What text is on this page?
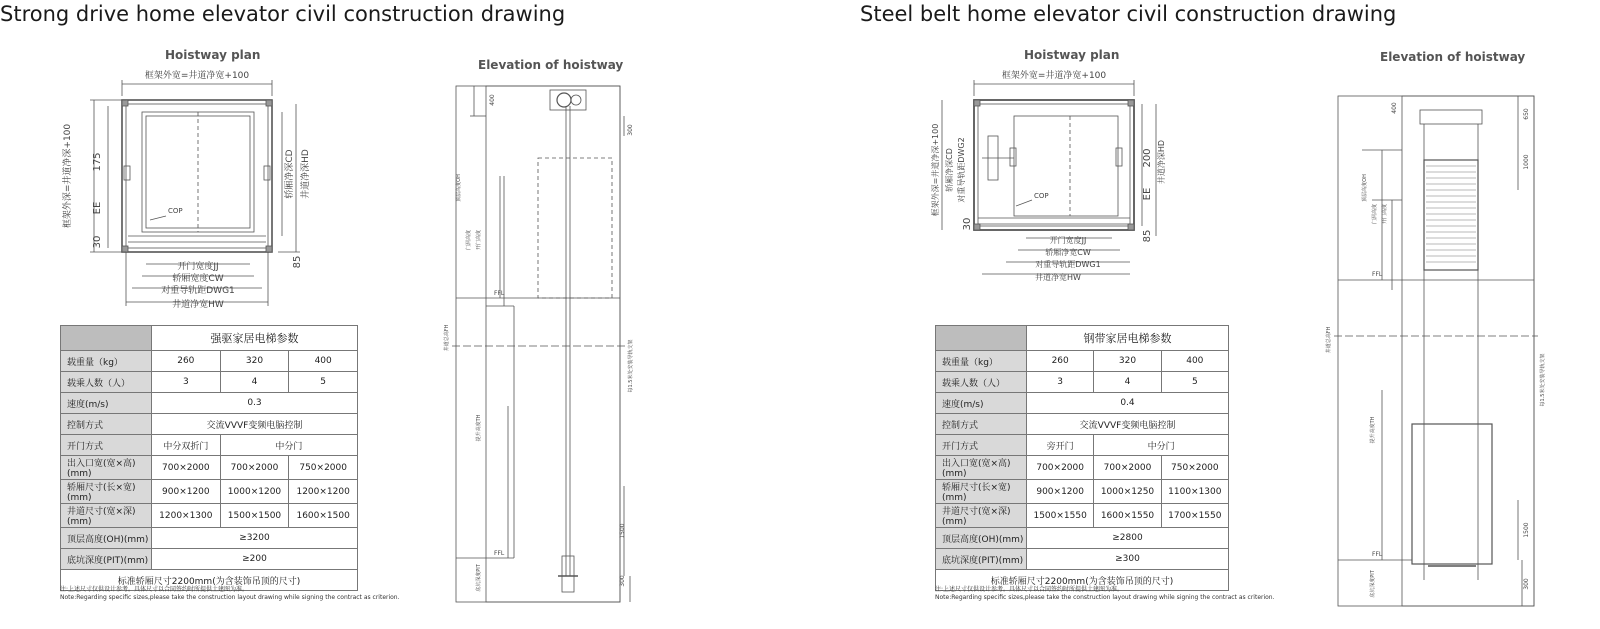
Strong drive home elevator civil construction drawing
Hoistway plan
Elevation of hoistway
框架外宽=井道净宽+100
框架外深=井道净深+100 175
EE
30
85
轿厢净深CD 井道净深HD
COP
开门宽度JJ
轿厢宽度CW
对重导轨距DWG1
井道净宽HW
	强驱家居电梯参数		
载重量（kg）	260	320	400
载乘人数（人）	3	4	5
速度(m/s)	0.3		
控制方式	交流VVVF变频电脑控制		
开门方式	中分双折门	中分门	
出入口宽(宽×高)(mm)	700×2000	700×2000	750×2000
轿厢尺寸(长×宽)(mm)	900×1200	1000×1200	1200×1200
井道尺寸(宽×深)(mm)	1200×1300	1500×1500	1600×1500
顶层高度(OH)(mm)	≥3200		
底坑深度(PIT)(mm)	≥200		
标准轿厢尺寸2200mm(为含装饰吊顶的尺寸)			
注:上述尺寸仅供设计参考。具体尺寸以合同签约时所提供土建图为准。
Note:Regarding specific sizes,please take the construction layout drawing while signing the contract as criterion.
400
300
1500
300
FFL
FFL
顶层高度OH
门洞高度 开门高度
井道总高FH
提升高度TH
底坑深度PIT
每1.5米处安装导轨支架
Steel belt home elevator civil construction drawing
Hoistway plan	Elevation of hoistway
框架外宽=井道净宽+100
框架外深=井道净深+100 轿厢净深CD 对重导轨距DWG2	200
EE
井道净深HD
30
85
COP
开门宽度JJ
轿厢净宽CW
对重导轨距DWG1
井道净宽HW
	钢带家居电梯参数		
载重量（kg）	260	320	400
载乘人数（人）	3	4	5
速度(m/s)	0.4		
控制方式	交流VVVF变频电脑控制		
开门方式	旁开门	中分门	
出入口宽(宽×高)(mm)	700×2000	700×2000	750×2000
轿厢尺寸(长×宽)(mm)	900×1200	1000×1250	1100×1300
井道尺寸(宽×深)(mm)	1500×1550	1600×1550	1700×1550
顶层高度(OH)(mm)	≥2800		
底坑深度(PIT)(mm)	≥300		
标准轿厢尺寸2200mm(为含装饰吊顶的尺寸)			
注:上述尺寸仅供设计参考。具体尺寸以合同签约时所提供土建图为准。
Note:Regarding specific sizes,please take the construction layout drawing while signing the contract as criterion.
400
650
1000
1500
300
FFL
FFL
顶层高度OH
门洞高度 开门高度
井道总高FH
提升高度TH
底坑深度PIT
每1.5米处安装导轨支架
